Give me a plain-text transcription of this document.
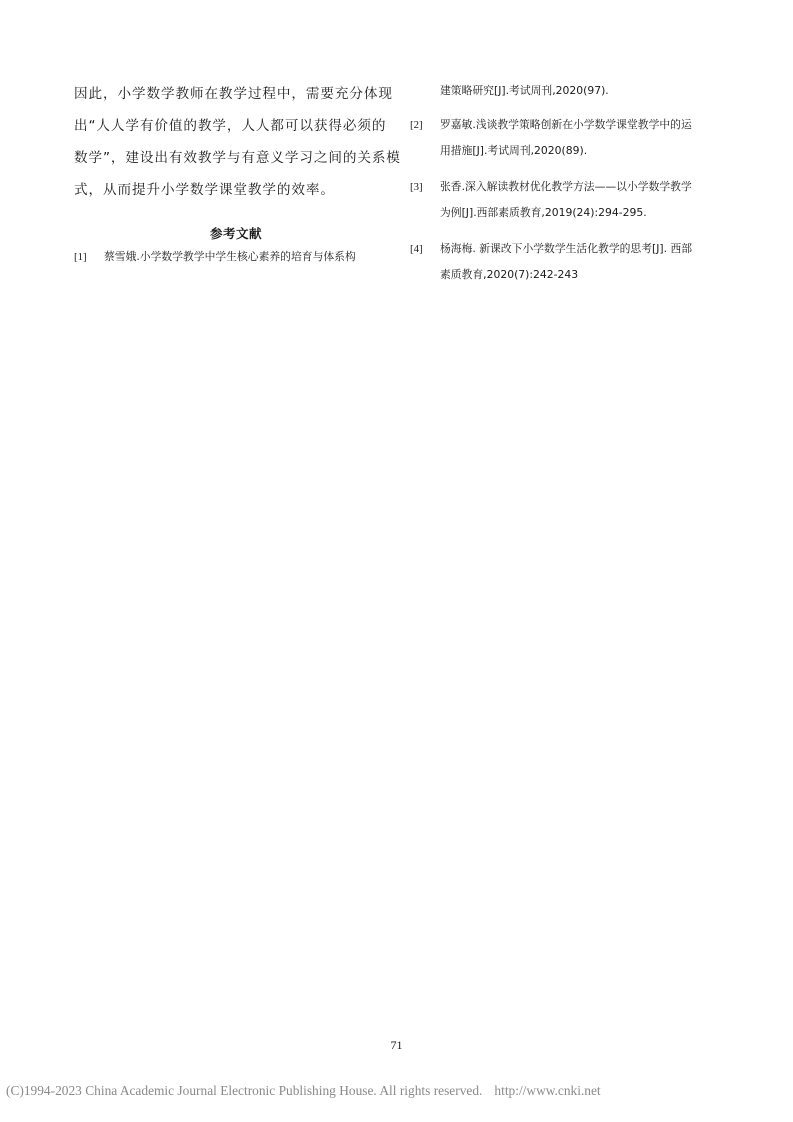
因此，小学数学教师在教学过程中，需要充分体现
出“人人学有价值的教学，人人都可以获得必须的
数学”，建设出有效教学与有意义学习之间的关系模
式，从而提升小学数学课堂教学的效率。

参考文献
[1] 蔡雪娥.小学数学教学中学生核心素养的培育与体系构
建策略研究[J].考试周刊,2020(97).
[2] 罗嘉敏.浅谈教学策略创新在小学数学课堂教学中的运
用措施[J].考试周刊,2020(89).
[3] 张香.深入解读教材优化教学方法——以小学数学教学
为例[J].西部素质教育,2019(24):294-295.
[4] 杨海梅. 新课改下小学数学生活化教学的思考[J]. 西部
素质教育,2020(7):242-243
71
(C)1994-2023 China Academic Journal Electronic Publishing House. All rights reserved. http://www.cnki.net
